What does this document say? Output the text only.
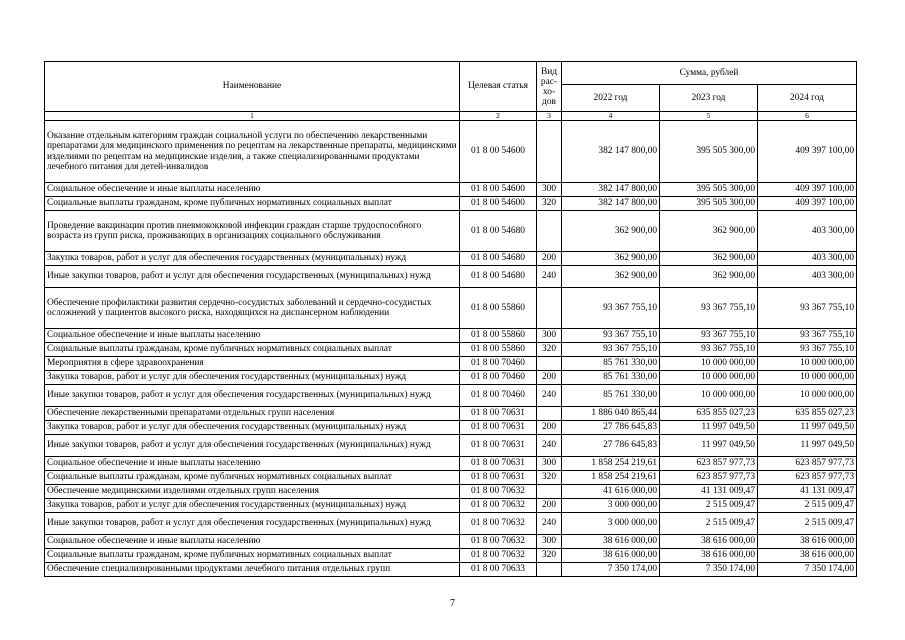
Наименование	Целевая статья	Вид рас- хо- дов	Сумма, рублей		
			2022 год	2023 год	2024 год
1	2	3	4	5	6
Оказание отдельным категориям граждан социальной услуги по обеспечению лекарственными препаратами для медицинского применения по рецептам на лекарственные препараты, медицинскими изделиями по рецептам на медицинские изделия, а также специализированными продуктами лечебного питания для детей-инвалидов	01 8 00 54600		382 147 800,00	395 505 300,00	409 397 100,00
Социальное обеспечение и иные выплаты населению	01 8 00 54600	300	382 147 800,00	395 505 300,00	409 397 100,00
Социальные выплаты гражданам, кроме публичных нормативных социальных выплат	01 8 00 54600	320	382 147 800,00	395 505 300,00	409 397 100,00
Проведение вакцинации против пневмококковой инфекции граждан старше трудоспособного возраста из групп риска, проживающих в организациях социального обслуживания	01 8 00 54680		362 900,00	362 900,00	403 300,00
Закупка товаров, работ и услуг для обеспечения государственных (муниципальных) нужд	01 8 00 54680	200	362 900,00	362 900,00	403 300,00
Иные закупки товаров, работ и услуг для обеспечения государственных (муниципальных) нужд	01 8 00 54680	240	362 900,00	362 900,00	403 300,00
Обеспечение профилактики развития сердечно-сосудистых заболеваний и сердечно-сосудистых осложнений у пациентов высокого риска, находящихся на диспансерном наблюдении	01 8 00 55860		93 367 755,10	93 367 755,10	93 367 755,10
Социальное обеспечение и иные выплаты населению	01 8 00 55860	300	93 367 755,10	93 367 755,10	93 367 755,10
Социальные выплаты гражданам, кроме публичных нормативных социальных выплат	01 8 00 55860	320	93 367 755,10	93 367 755,10	93 367 755,10
Мероприятия в сфере здравоохранения	01 8 00 70460		85 761 330,00	10 000 000,00	10 000 000,00
Закупка товаров, работ и услуг для обеспечения государственных (муниципальных) нужд	01 8 00 70460	200	85 761 330,00	10 000 000,00	10 000 000,00
Иные закупки товаров, работ и услуг для обеспечения государственных (муниципальных) нужд	01 8 00 70460	240	85 761 330,00	10 000 000,00	10 000 000,00
Обеспечение лекарственными препаратами отдельных групп населения	01 8 00 70631		1 886 040 865,44	635 855 027,23	635 855 027,23
Закупка товаров, работ и услуг для обеспечения государственных (муниципальных) нужд	01 8 00 70631	200	27 786 645,83	11 997 049,50	11 997 049,50
Иные закупки товаров, работ и услуг для обеспечения государственных (муниципальных) нужд	01 8 00 70631	240	27 786 645,83	11 997 049,50	11 997 049,50
Социальное обеспечение и иные выплаты населению	01 8 00 70631	300	1 858 254 219,61	623 857 977,73	623 857 977,73
Социальные выплаты гражданам, кроме публичных нормативных социальных выплат	01 8 00 70631	320	1 858 254 219,61	623 857 977,73	623 857 977,73
Обеспечение медицинскими изделиями отдельных групп населения	01 8 00 70632		41 616 000,00	41 131 009,47	41 131 009,47
Закупка товаров, работ и услуг для обеспечения государственных (муниципальных) нужд	01 8 00 70632	200	3 000 000,00	2 515 009,47	2 515 009,47
Иные закупки товаров, работ и услуг для обеспечения государственных (муниципальных) нужд	01 8 00 70632	240	3 000 000,00	2 515 009,47	2 515 009,47
Социальное обеспечение и иные выплаты населению	01 8 00 70632	300	38 616 000,00	38 616 000,00	38 616 000,00
Социальные выплаты гражданам, кроме публичных нормативных социальных выплат	01 8 00 70632	320	38 616 000,00	38 616 000,00	38 616 000,00
Обеспечение специализированными продуктами лечебного питания отдельных групп	01 8 00 70633		7 350 174,00	7 350 174,00	7 350 174,00
7
